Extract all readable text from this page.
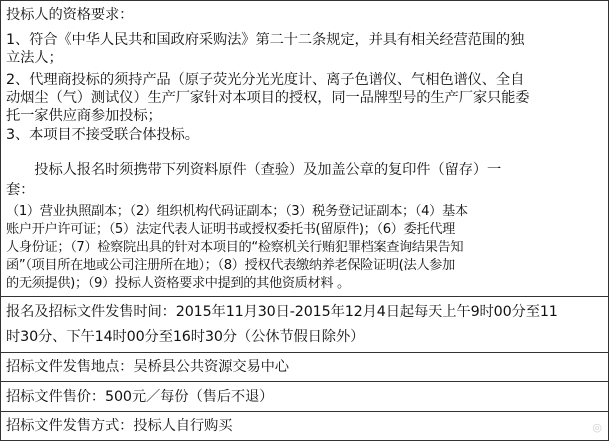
投标人的资格要求：
1、符合《中华人民共和国政府采购法》第二十二条规定，并具有相关经营范围的独
立法人；
2、代理商投标的须持产品（原子荧光分光光度计、离子色谱仪、气相色谱仪、全自
动烟尘（气）测试仪）生产厂家针对本项目的授权，同一品牌型号的生产厂家只能委
托一家供应商参加投标；
3、本项目不接受联合体投标。
　　投标人报名时须携带下列资料原件（查验）及加盖公章的复印件（留存）一
套：
（1）营业执照副本；（2）组织机构代码证副本；（3）税务登记证副本；（4）基本
账户开户许可证；（5）法定代表人证明书或授权委托书(留原件)；（6）委托代理
人身份证；（7）检察院出具的针对本项目的“检察机关行贿犯罪档案查询结果告知
函”（项目所在地或公司注册所在地）；（8）授权代表缴纳养老保险证明(法人参加
的无须提供)；（9）投标人资格要求中提到的其他资质材料 。
报名及招标文件发售时间：2015年11月30日-2015年12月4日起每天上午9时00分至11
时30分、下午14时00分至16时30分（公休节假日除外）
招标文件发售地点：吴桥县公共资源交易中心
招标文件售价：500元／每份（售后不退）
招标文件发售方式：投标人自行购买	◎
